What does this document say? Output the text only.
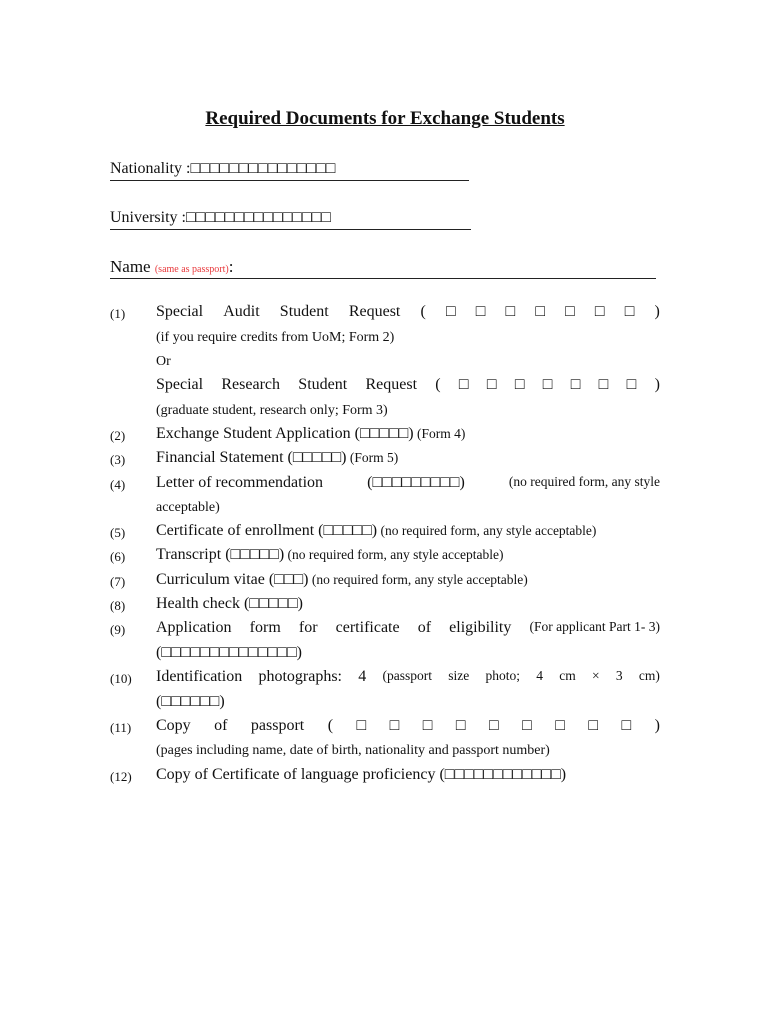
Required Documents for Exchange Students
Nationality :□□□□□□□□□□□□□□□
University :□□□□□□□□□□□□□□□
Name (same as passport):
(1) Special Audit Student Request ( □ □ □ □ □ □ □ )
(if you require credits from UoM; Form 2)
Or
Special Research Student Request ( □ □ □ □ □ □ □ )
(graduate student, research only; Form 3)
(2) Exchange Student Application (□□□□□) (Form 4)
(3) Financial Statement (□□□□□) (Form 5)
(4) Letter of recommendation	(□□□□□□□□□)	(no required form, any style
acceptable)
(5) Certificate of enrollment (□□□□□) (no required form, any style acceptable)
(6) Transcript (□□□□□) (no required form, any style acceptable)
(7) Curriculum vitae (□□□) (no required form, any style acceptable)
(8) Health check (□□□□□)
(9) Application form for certificate of eligibility (For applicant Part 1- 3)
(□□□□□□□□□□□□□□)
(10) Identification photographs: 4 (passport size photo; 4 cm × 3 cm)
(□□□□□□)
(11) Copy of passport ( □ □ □ □ □ □ □ □ □ )
(pages including name, date of birth, nationality and passport number)
(12) Copy of Certificate of language proficiency (□□□□□□□□□□□□)
